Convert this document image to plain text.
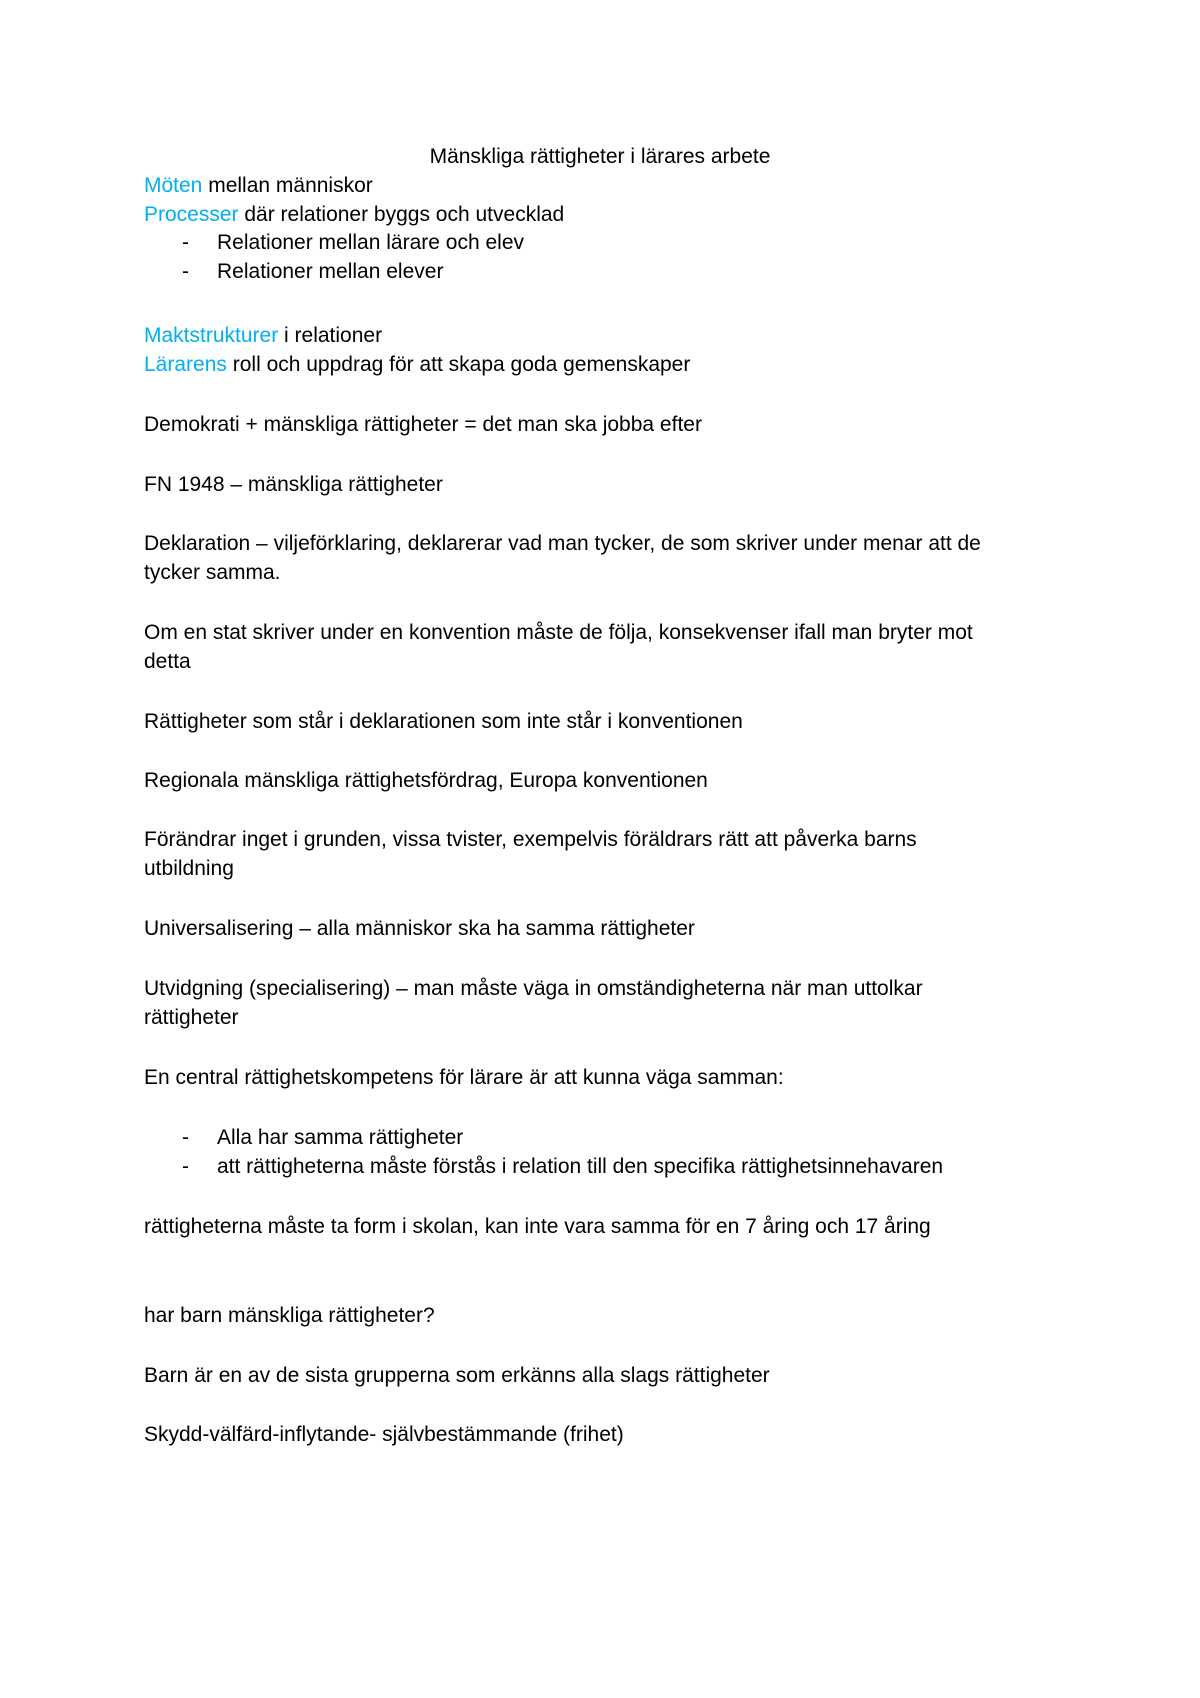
Mänskliga rättigheter i lärares arbete
Möten mellan människor
Processer där relationer byggs och utvecklad
- Relationer mellan lärare och elev
- Relationer mellan elever
Maktstrukturer i relationer
Lärarens roll och uppdrag för att skapa goda gemenskaper
Demokrati + mänskliga rättigheter = det man ska jobba efter
FN 1948 – mänskliga rättigheter
Deklaration – viljeförklaring, deklarerar vad man tycker, de som skriver under menar att de
tycker samma.
Om en stat skriver under en konvention måste de följa, konsekvenser ifall man bryter mot
detta
Rättigheter som står i deklarationen som inte står i konventionen
Regionala mänskliga rättighetsfördrag, Europa konventionen
Förändrar inget i grunden, vissa tvister, exempelvis föräldrars rätt att påverka barns
utbildning
Universalisering – alla människor ska ha samma rättigheter
Utvidgning (specialisering) – man måste väga in omständigheterna när man uttolkar
rättigheter
En central rättighetskompetens för lärare är att kunna väga samman:
- Alla har samma rättigheter
- att rättigheterna måste förstås i relation till den specifika rättighetsinnehavaren
rättigheterna måste ta form i skolan, kan inte vara samma för en 7 åring och 17 åring
har barn mänskliga rättigheter?
Barn är en av de sista grupperna som erkänns alla slags rättigheter
Skydd-välfärd-inflytande- självbestämmande (frihet)
